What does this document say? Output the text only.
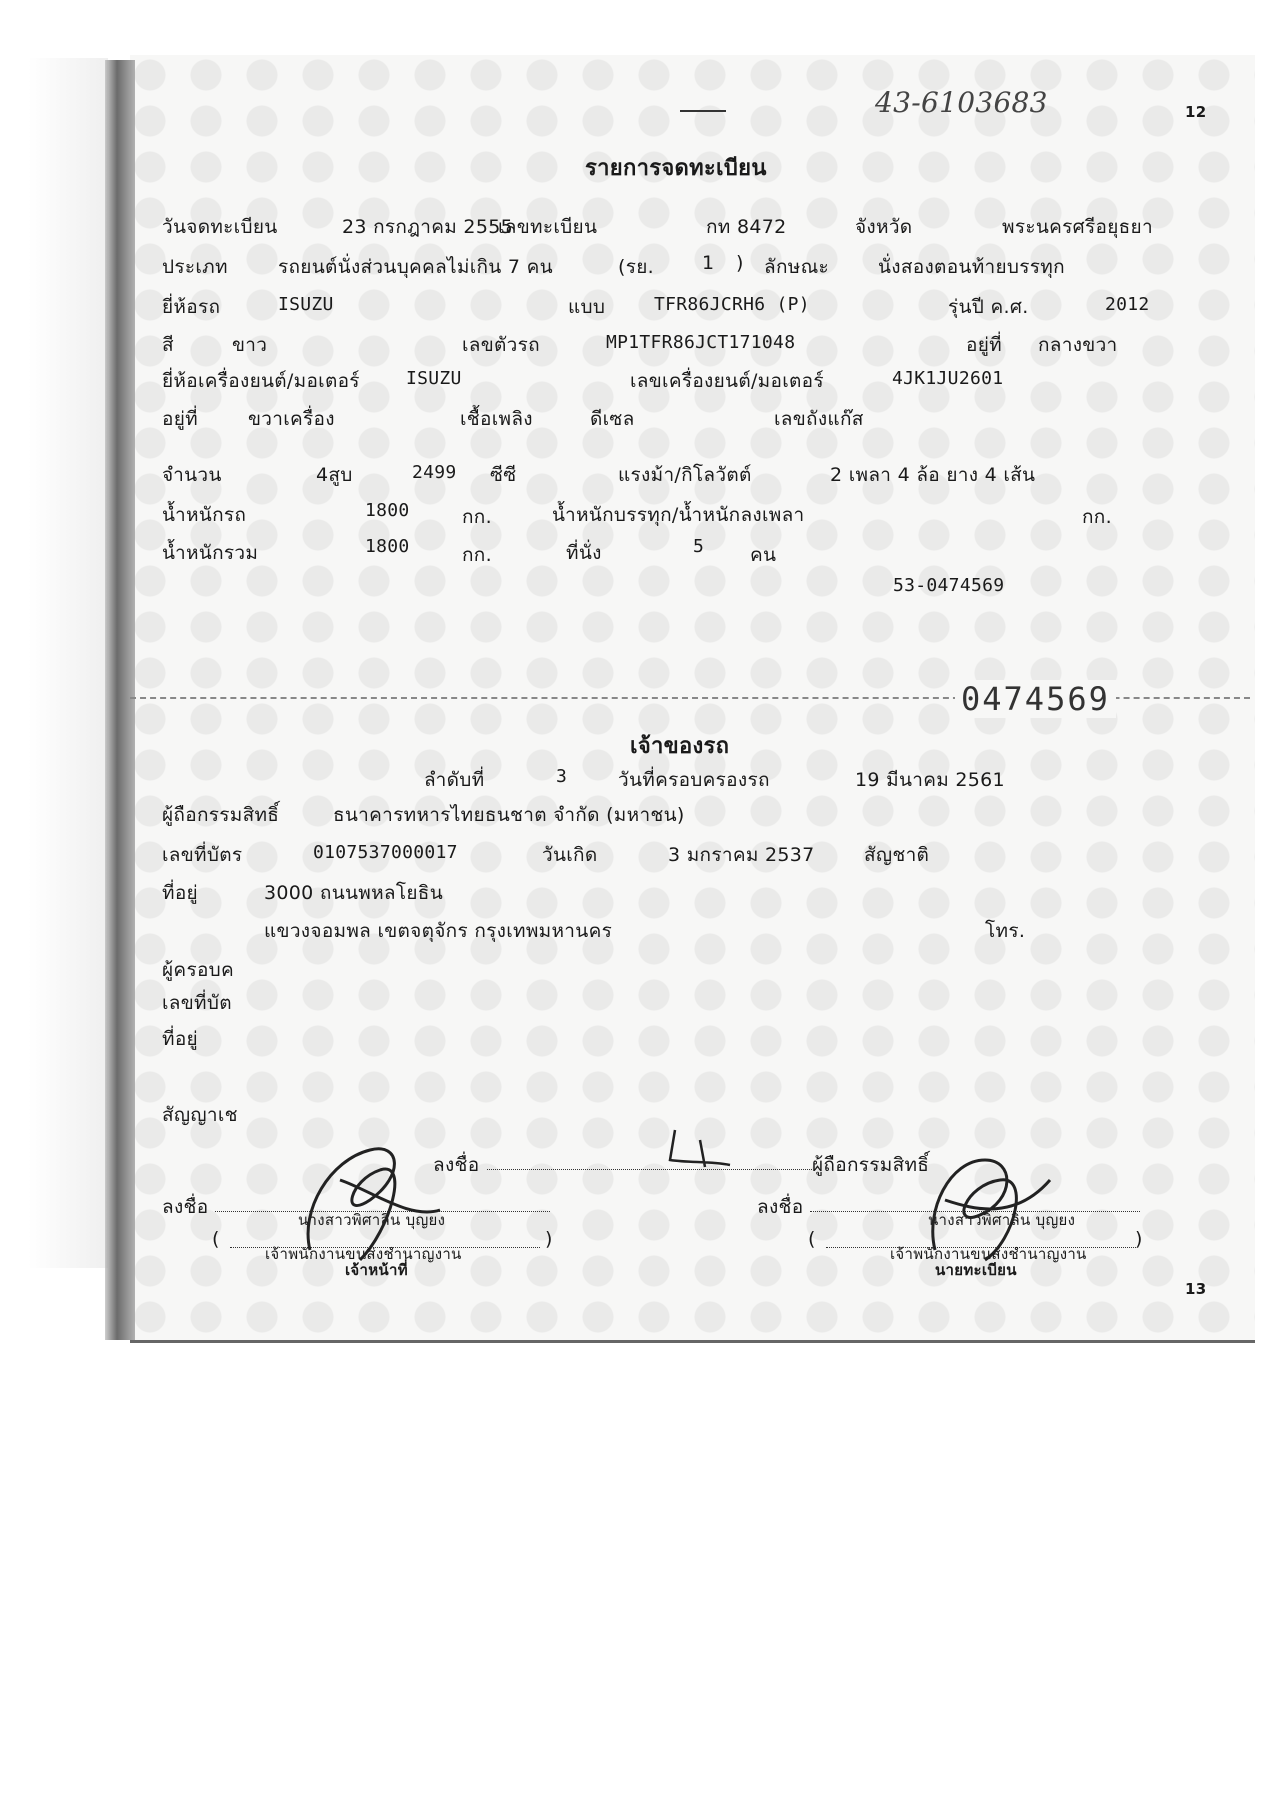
43-6103683	12
รายการจดทะเบียน
วันจดทะเบียน	23 กรกฎาคม 2555
เลขทะเบียน	กท 8472	จังหวัด	พระนครศรีอยุธยา
ประเภท	รถยนต์นั่งส่วนบุคคลไม่เกิน 7 คน	(รย.	1 ) ลักษณะ	นั่งสองตอนท้ายบรรทุก
ยี่ห้อรถ	ISUZU	แบบ	TFR86JCRH6 (P)	รุ่นปี ค.ศ.	2012
สี	ขาว	เลขตัวรถ	MP1TFR86JCT171048	อยู่ที่ กลางขวา
ยี่ห้อเครื่องยนต์/มอเตอร์	ISUZU	เลขเครื่องยนต์/มอเตอร์	4JK1JU2601
อยู่ที่	ขวาเครื่อง	เชื้อเพลิง	ดีเซล	เลขถังแก๊ส
จำนวน	4สูบ	2499 ซีซี	แรงม้า/กิโลวัตต์	2 เพลา 4 ล้อ ยาง 4 เส้น
น้ำหนักรถ	1800	กก.	น้ำหนักบรรทุก/น้ำหนักลงเพลา	กก.
น้ำหนักรวม	1800	กก.	ที่นั่ง	5 คน
53-0474569
0474569
เจ้าของรถ
ลำดับที่	3	วันที่ครอบครองรถ	19 มีนาคม 2561
ผู้ถือกรรมสิทธิ์	ธนาคารทหารไทยธนชาต จำกัด (มหาชน)
เลขที่บัตร	0107537000017	วันเกิด	3 มกราคม 2537	สัญชาติ
ที่อยู่	3000 ถนนพหลโยธิน
แขวงจอมพล เขตจตุจักร กรุงเทพมหานคร	โทร.
ผู้ครอบค
เลขที่บัต
ที่อยู่
สัญญาเช
ลงชื่อ	ผู้ถือกรรมสิทธิ์
ลงชื่อ
นางสาวพิศาลิน บุญยง
(	)
เจ้าพนักงานขนส่งชำนาญงาน
เจ้าหน้าที่
ลงชื่อ
นางสาวพิศาลิน บุญยง
(	)
เจ้าพนักงานขนส่งชำนาญงาน
นายทะเบียน
13
